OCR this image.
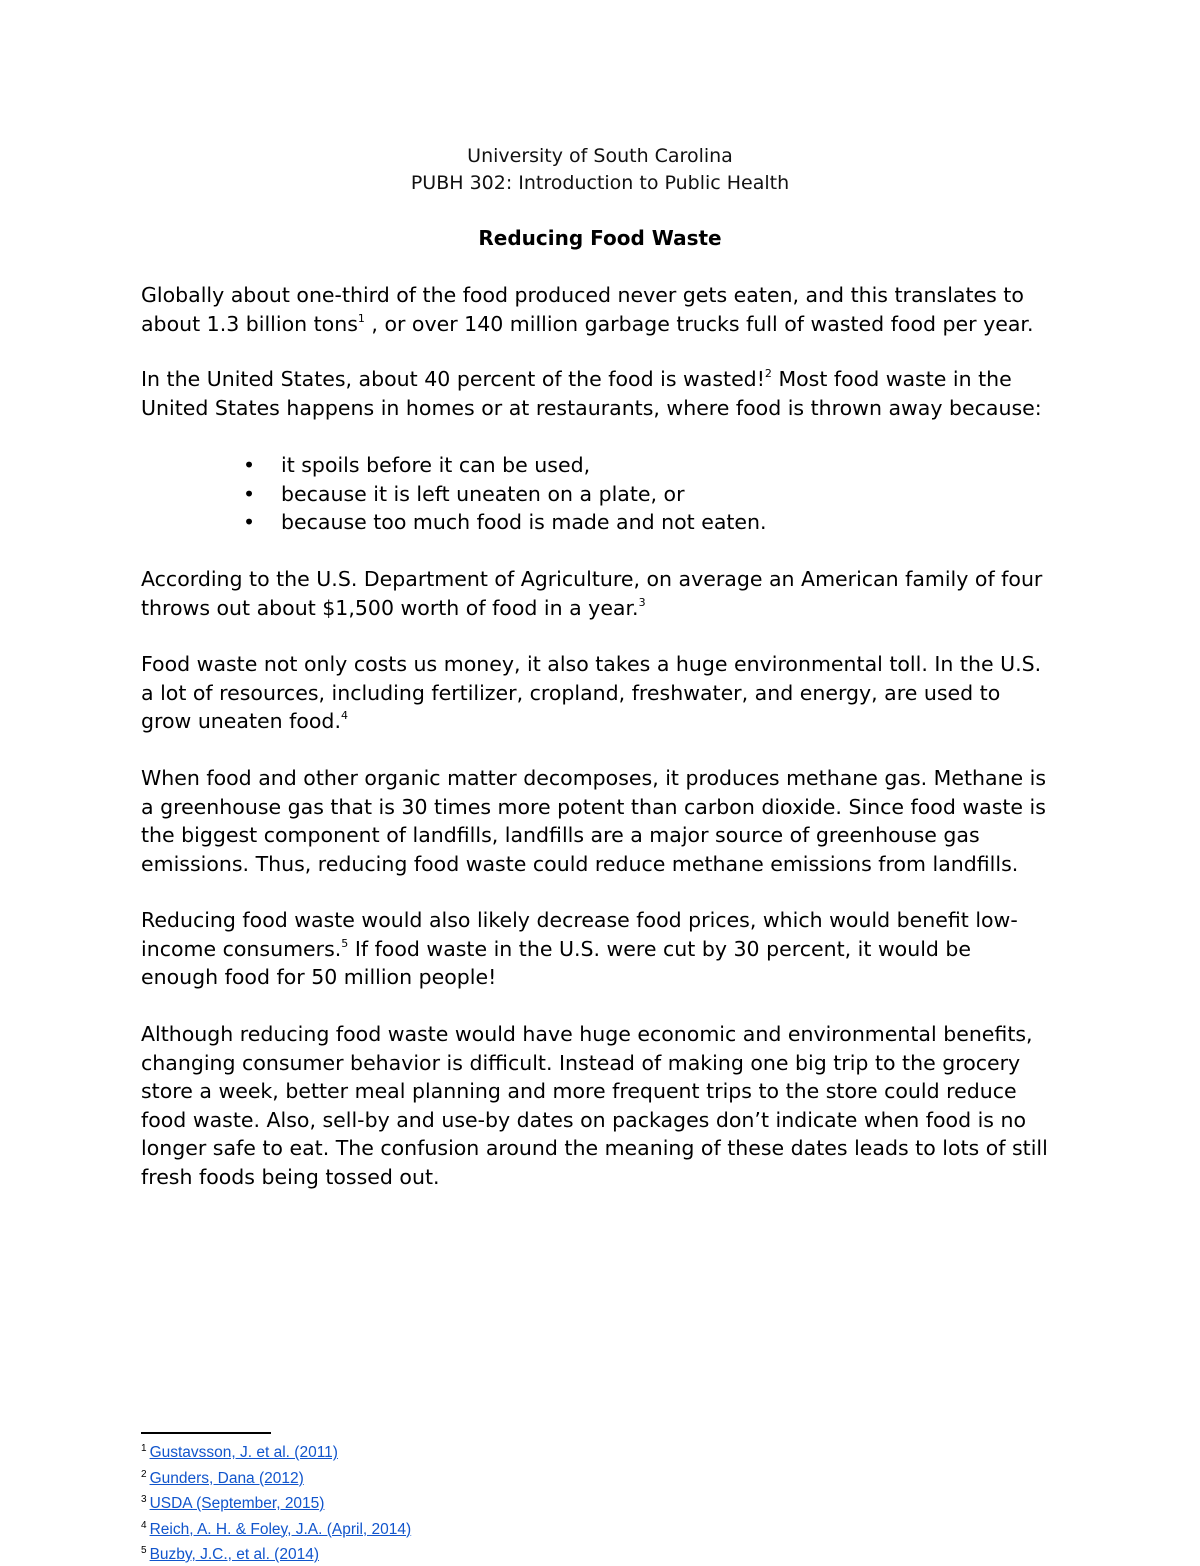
University of South Carolina
PUBH 302: Introduction to Public Health
Reducing Food Waste

Globally about one-third of the food produced never gets eaten, and this translates to
about 1.3 billion tons$^1$ , or over 140 million garbage trucks full of wasted food per year.

In the United States, about 40 percent of the food is wasted!$^2$ Most food waste in the
United States happens in homes or at restaurants, where food is thrown away because:

• it spoils before it can be used,
• because it is left uneaten on a plate, or
• because too much food is made and not eaten.

According to the U.S. Department of Agriculture, on average an American family of four
throws out about $1,500 worth of food in a year.$^3$

Food waste not only costs us money, it also takes a huge environmental toll. In the U.S.
a lot of resources, including fertilizer, cropland, freshwater, and energy, are used to
grow uneaten food.$^4$

When food and other organic matter decomposes, it produces methane gas. Methane is
a greenhouse gas that is 30 times more potent than carbon dioxide. Since food waste is
the biggest component of landfills, landfills are a major source of greenhouse gas
emissions. Thus, reducing food waste could reduce methane emissions from landfills.

Reducing food waste would also likely decrease food prices, which would benefit low-
income consumers.$^5$ If food waste in the U.S. were cut by 30 percent, it would be
enough food for 50 million people!

Although reducing food waste would have huge economic and environmental benefits,
changing consumer behavior is difficult. Instead of making one big trip to the grocery
store a week, better meal planning and more frequent trips to the store could reduce
food waste. Also, sell-by and use-by dates on packages don’t indicate when food is no
longer safe to eat. The confusion around the meaning of these dates leads to lots of still
fresh foods being tossed out.

$^1$ Gustavsson, J. et al. (2011)
$^2$ Gunders, Dana (2012)
$^3$ USDA (September, 2015)
$^4$ Reich, A. H. & Foley, J.A. (April, 2014)
$^5$ Buzby, J.C., et al. (2014)
